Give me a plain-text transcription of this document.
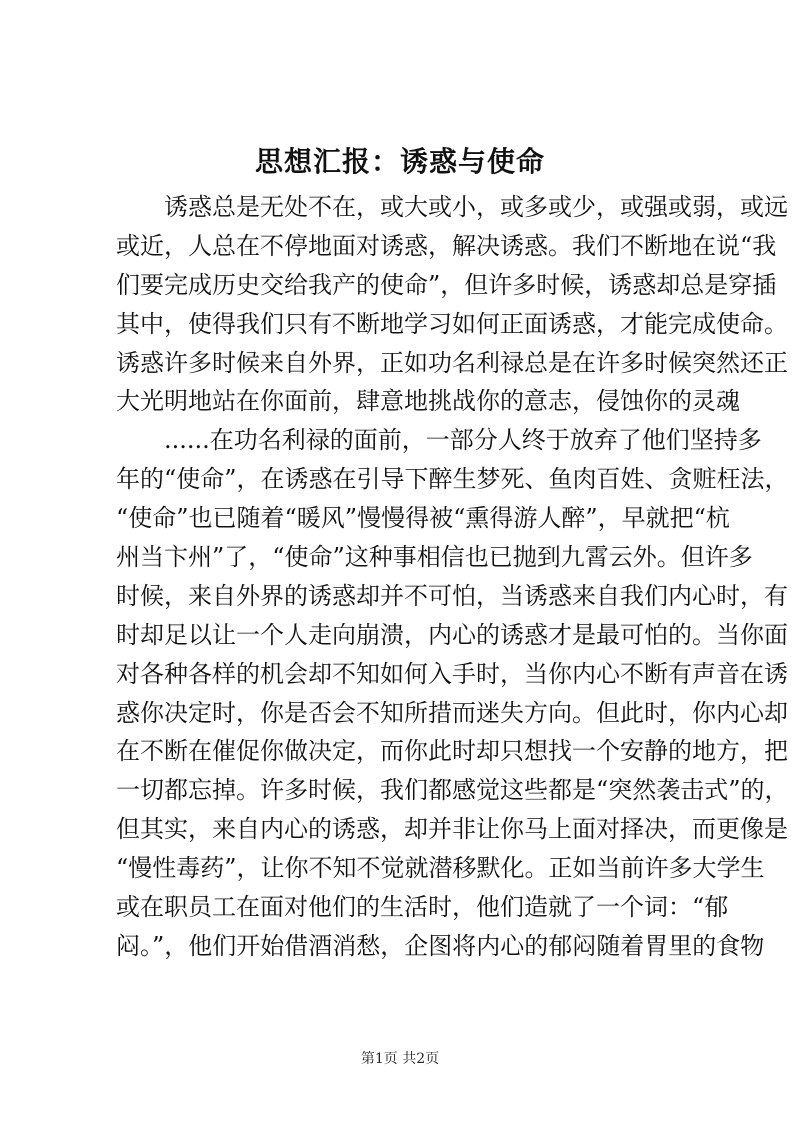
思想汇报：诱惑与使命
诱惑总是无处不在，或大或小，或多或少，或强或弱，或远
或近，人总在不停地面对诱惑，解决诱惑。我们不断地在说“我
们要完成历史交给我产的使命”，但许多时候，诱惑却总是穿插
其中，使得我们只有不断地学习如何正面诱惑，才能完成使命。
诱惑许多时候来自外界，正如功名利禄总是在许多时候突然还正
大光明地站在你面前，肆意地挑战你的意志，侵蚀你的灵魂
......在功名利禄的面前，一部分人终于放弃了他们坚持多
年的“使命”，在诱惑在引导下醉生梦死、鱼肉百姓、贪赃枉法，
“使命”也已随着“暖风”慢慢得被“熏得游人醉”，早就把“杭
州当卞州”了，“使命”这种事相信也已抛到九霄云外。但许多
时候，来自外界的诱惑却并不可怕，当诱惑来自我们内心时，有
时却足以让一个人走向崩溃，内心的诱惑才是最可怕的。当你面
对各种各样的机会却不知如何入手时，当你内心不断有声音在诱
惑你决定时，你是否会不知所措而迷失方向。但此时，你内心却
在不断在催促你做决定，而你此时却只想找一个安静的地方，把
一切都忘掉。许多时候，我们都感觉这些都是“突然袭击式”的，
但其实，来自内心的诱惑，却并非让你马上面对择决，而更像是
“慢性毒药”，让你不知不觉就潜移默化。正如当前许多大学生
或在职员工在面对他们的生活时，他们造就了一个词：“郁
闷。”，他们开始借酒消愁，企图将内心的郁闷随着胃里的食物
第1页 共2页
